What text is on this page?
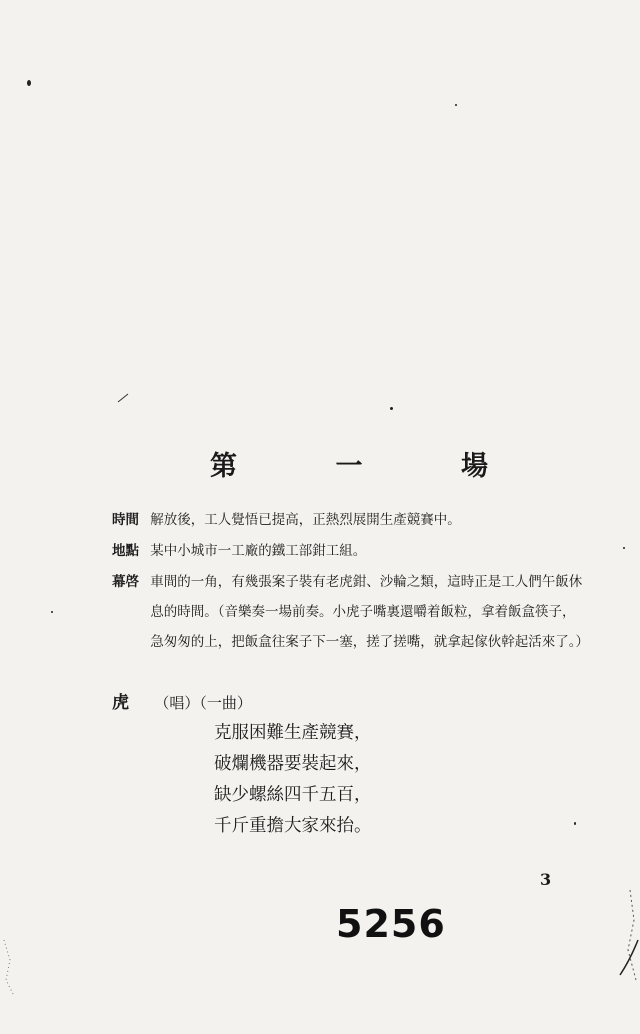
第	一	場
時間 解放後，工人覺悟已提高，正熱烈展開生產競賽中。
地點 某中小城市一工廠的鐵工部鉗工組。
幕啓 車間的一角，有幾張案子裝有老虎鉗、沙輪之類，這時正是工人們午飯休息的時間。（音樂奏一場前奏。小虎子嘴裏還嚼着飯粒，拿着飯盒筷子，急匆匆的上，把飯盒往案子下一塞，搓了搓嘴，就拿起傢伙幹起活來了。）
虎 （唱）（一曲）
克服困難生產競賽，
破爛機器要裝起來，
缺少螺絲四千五百，
千斤重擔大家來抬。
3
5256
